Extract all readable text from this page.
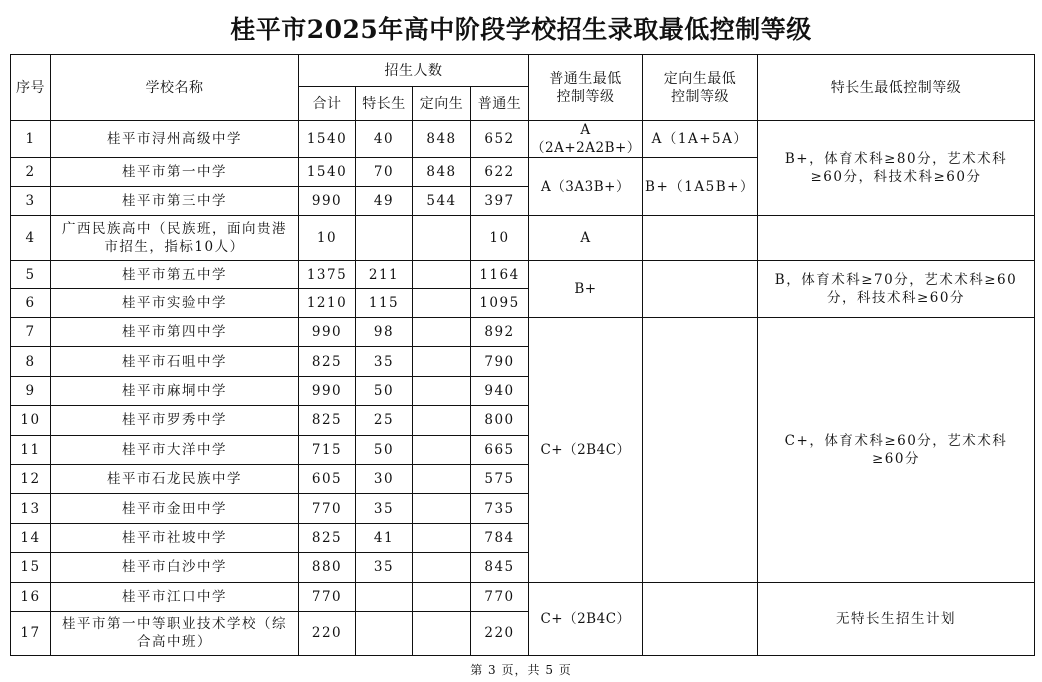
桂平市2025年高中阶段学校招生录取最低控制等级
序号	学校名称	招生人数				普通生最低控制等级	定向生最低控制等级	特长生最低控制等级
		合计	特长生	定向生	普通生			
1	桂平市浔州高级中学	1540	40	848	652	A（2A+2A2B+）	A（1A+5A）	B+，体育术科≥80分，艺术术科≥60分，科技术科≥60分
2	桂平市第一中学	1540	70	848	622	A（3A3B+）	B+（1A5B+）	
3	桂平市第三中学	990	49	544	397			
4	广西民族高中（民族班，面向贵港市招生，指标10人）	10			10	A		
5	桂平市第五中学	1375	211		1164	B+		B，体育术科≥70分，艺术术科≥60分，科技术科≥60分
6	桂平市实验中学	1210	115		1095			
7	桂平市第四中学	990	98		892	C+（2B4C）		C+，体育术科≥60分，艺术术科≥60分
8	桂平市石咀中学	825	35		790			
9	桂平市麻垌中学	990	50		940			
10	桂平市罗秀中学	825	25		800			
11	桂平市大洋中学	715	50		665			
12	桂平市石龙民族中学	605	30		575			
13	桂平市金田中学	770	35		735			
14	桂平市社坡中学	825	41		784			
15	桂平市白沙中学	880	35		845			
16	桂平市江口中学	770			770	C+（2B4C）		无特长生招生计划
17	桂平市第一中等职业技术学校（综合高中班）	220			220			
第 3 页，共 5 页
